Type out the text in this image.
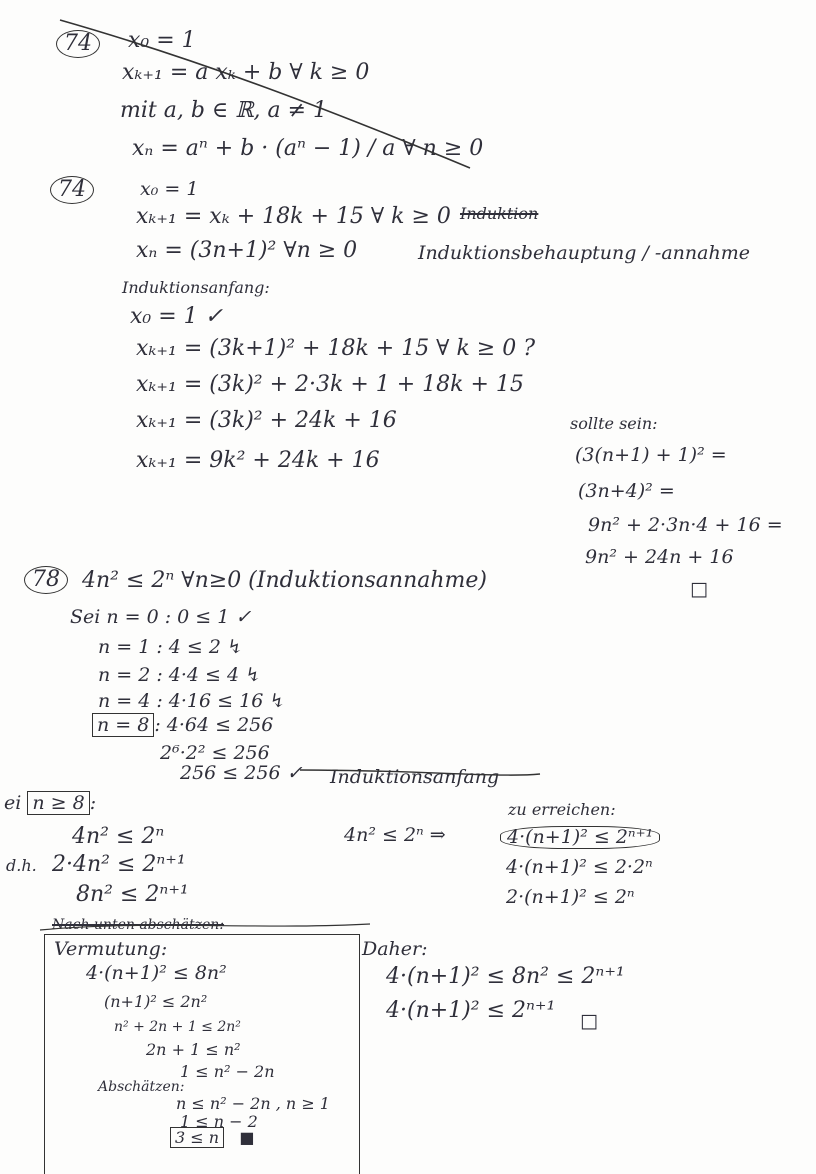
74	x₀ = 1
xₖ₊₁ = a xₖ + b ∀ k ≥ 0
mit a, b ∈ ℝ, a ≠ 1
xₙ = aⁿ + b · (aⁿ − 1) / a ∀ n ≥ 0
74	x₀ = 1
xₖ₊₁ = xₖ + 18k + 15 ∀ k ≥ 0 Induktion
xₙ = (3n+1)² ∀n ≥ 0	Induktionsbehauptung / -annahme
Induktionsanfang:
x₀ = 1 ✓
xₖ₊₁ = (3k+1)² + 18k + 15 ∀ k ≥ 0 ?
xₖ₊₁ = (3k)² + 2·3k + 1 + 18k + 15
xₖ₊₁ = (3k)² + 24k + 16
xₖ₊₁ = 9k² + 24k + 16
sollte sein:
(3(n+1) + 1)² =
(3n+4)² =
9n² + 2·3n·4 + 16 =
9n² + 24n + 16
□
78	4n² ≤ 2ⁿ ∀n≥0 (Induktionsannahme)
Sei n = 0 : 0 ≤ 1 ✓
n = 1 : 4 ≤ 2 ↯
n = 2 : 4·4 ≤ 4 ↯
n = 4 : 4·16 ≤ 16 ↯
n = 8 : 4·64 ≤ 256
2⁶·2² ≤ 256
256 ≤ 256 ✓ Induktionsanfang
ei n ≥ 8 :
4n² ≤ 2ⁿ
d.h. 2·4n² ≤ 2ⁿ⁺¹
8n² ≤ 2ⁿ⁺¹
4n² ≤ 2ⁿ ⇒
zu erreichen:
4·(n+1)² ≤ 2ⁿ⁺¹
4·(n+1)² ≤ 2·2ⁿ
2·(n+1)² ≤ 2ⁿ
Nach unten abschätzen:
Vermutung:
4·(n+1)² ≤ 8n²
(n+1)² ≤ 2n²
n² + 2n + 1 ≤ 2n²
2n + 1 ≤ n²
1 ≤ n² − 2n
Abschätzen:
n ≤ n² − 2n , n ≥ 1
1 ≤ n − 2
3 ≤ n ■
Daher:
4·(n+1)² ≤ 8n² ≤ 2ⁿ⁺¹
4·(n+1)² ≤ 2ⁿ⁺¹ □
